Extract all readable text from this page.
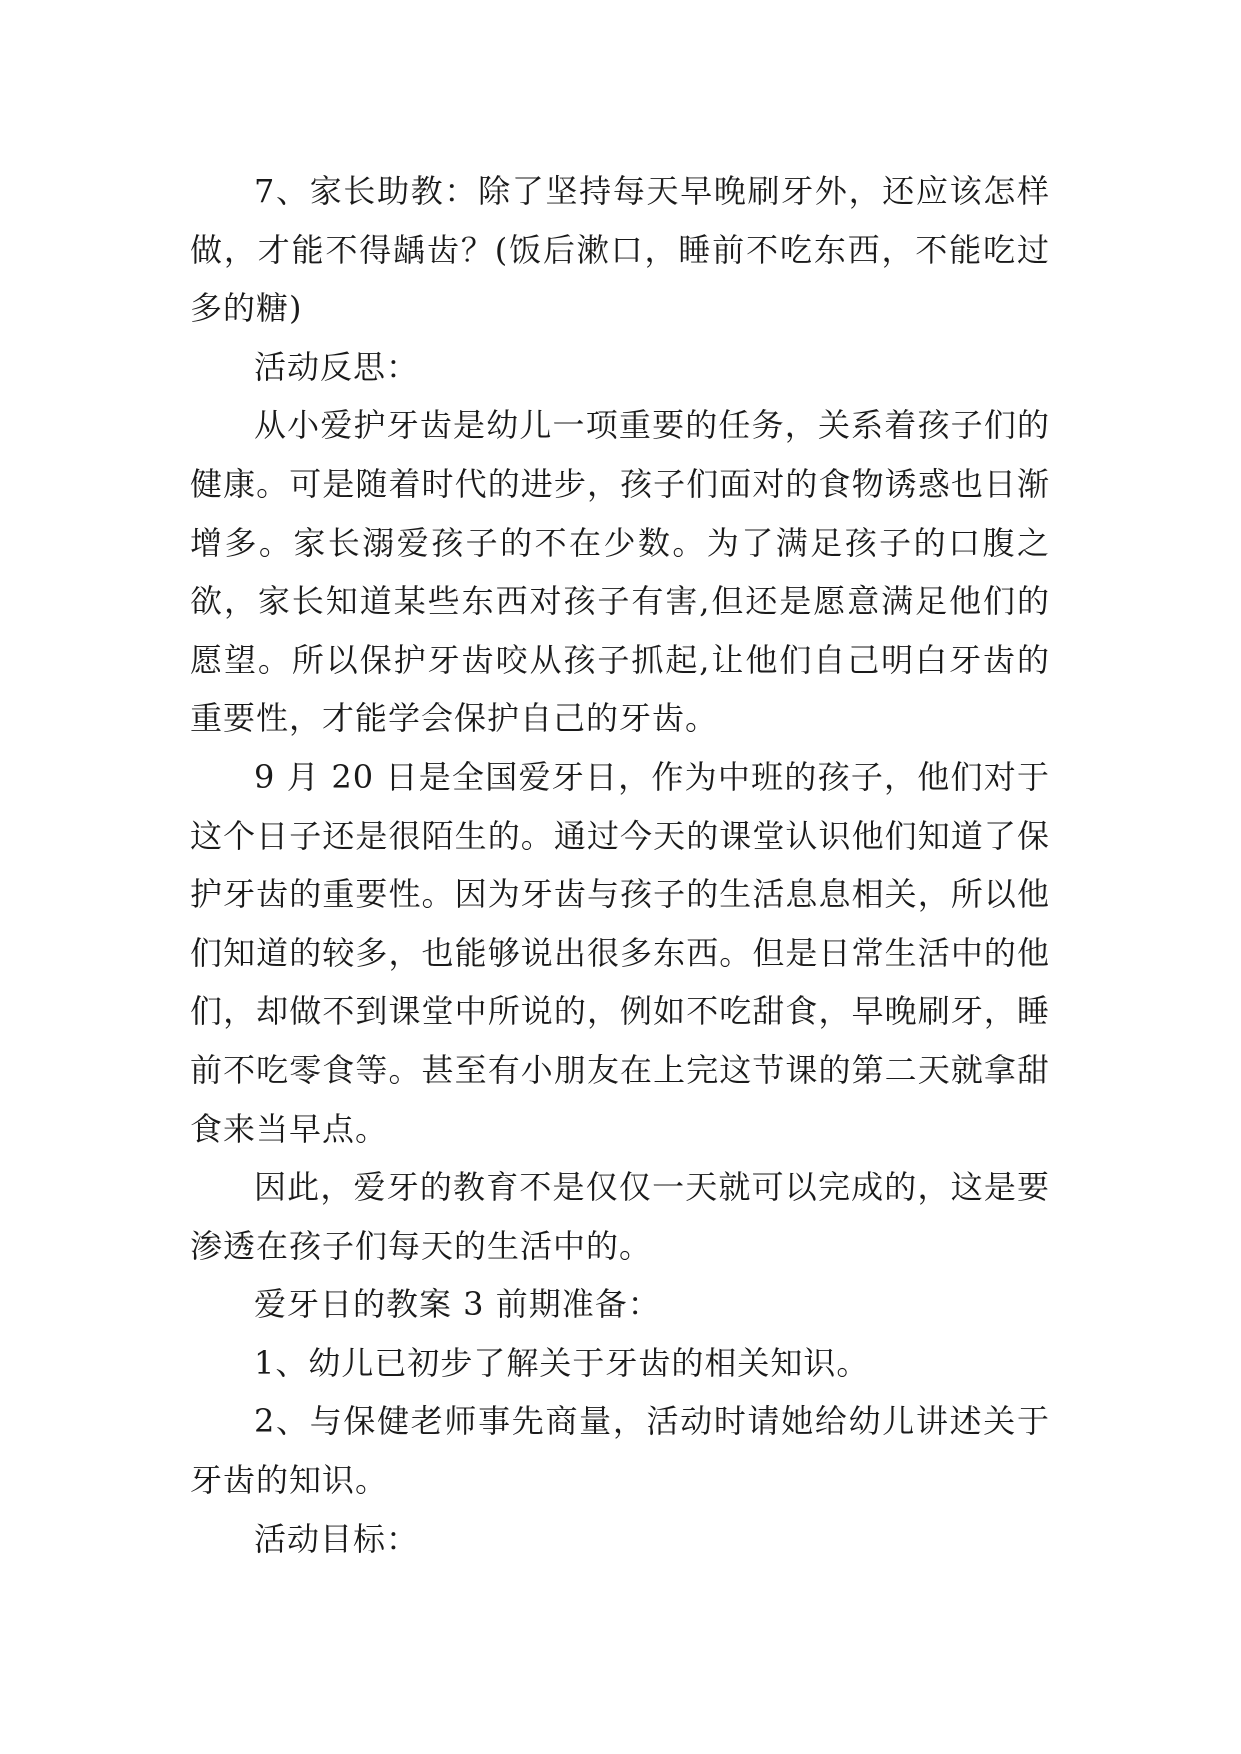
7、家长助教：除了坚持每天早晚刷牙外，还应该怎样做，才能不得龋齿？(饭后漱口，睡前不吃东西，不能吃过多的糖)

活动反思：

从小爱护牙齿是幼儿一项重要的任务，关系着孩子们的健康。可是随着时代的进步，孩子们面对的食物诱惑也日渐增多。家长溺爱孩子的不在少数。为了满足孩子的口腹之欲，家长知道某些东西对孩子有害,但还是愿意满足他们的愿望。所以保护牙齿咬从孩子抓起,让他们自己明白牙齿的重要性，才能学会保护自己的牙齿。

9 月 20 日是全国爱牙日，作为中班的孩子，他们对于这个日子还是很陌生的。通过今天的课堂认识他们知道了保护牙齿的重要性。因为牙齿与孩子的生活息息相关，所以他们知道的较多，也能够说出很多东西。但是日常生活中的他们，却做不到课堂中所说的，例如不吃甜食，早晚刷牙，睡前不吃零食等。甚至有小朋友在上完这节课的第二天就拿甜食来当早点。

因此，爱牙的教育不是仅仅一天就可以完成的，这是要渗透在孩子们每天的生活中的。

爱牙日的教案 3 前期准备：

1、幼儿已初步了解关于牙齿的相关知识。

2、与保健老师事先商量，活动时请她给幼儿讲述关于牙齿的知识。

活动目标：
